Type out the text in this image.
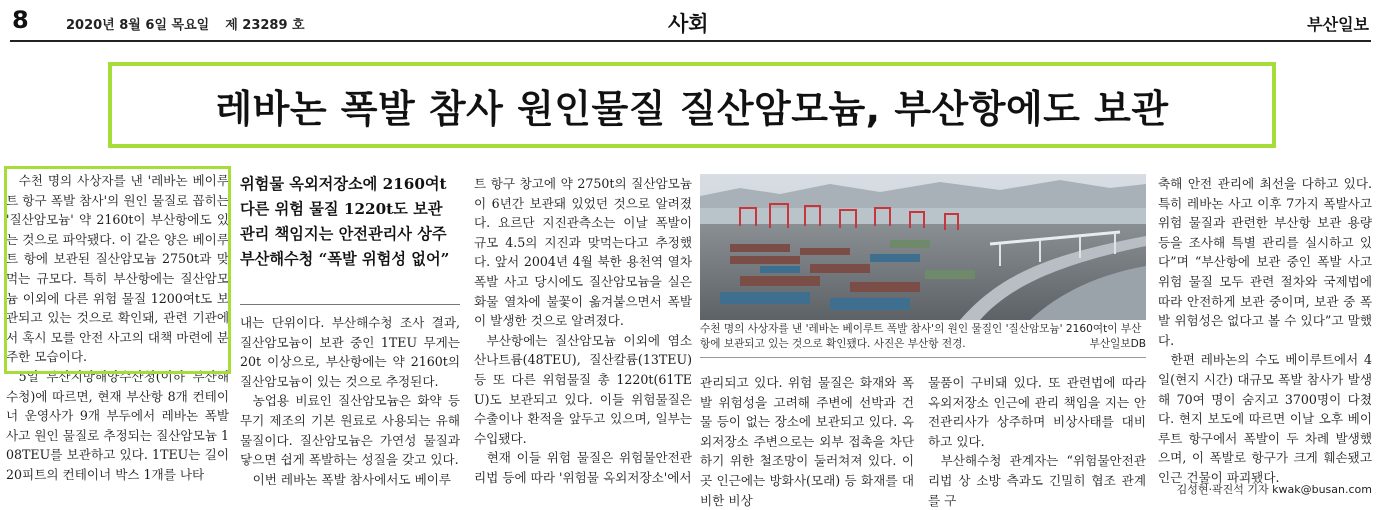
8	2020년 8월 6일 목요일 제 23289 호	사회	부산일보
레바논 폭발 참사 원인물질 질산암모늄, 부산항에도 보관

수천 명의 사상자를 낸 '레바논 베이루트 항구 폭발 참사'의 원인 물질로 꼽히는 '질산암모늄' 약 2160t이 부산항에도 있는 것으로 파악됐다. 이 같은 양은 베이루트 항에 보관된 질산암모늄 2750t과 맞먹는 규모다. 특히 부산항에는 질산암모늄 이외에 다른 위험 물질 1200여t도 보관되고 있는 것으로 확인돼, 관련 기관에서 혹시 모를 안전 사고의 대책 마련에 분주한 모습이다.

5일 부산지방해양수산청(이하 부산해수청)에 따르면, 현재 부산항 8개 컨테이너 운영사가 9개 부두에서 레바논 폭발 사고 원인 물질로 추정되는 질산암모늄 108TEU를 보관하고 있다. 1TEU는 길이 20피트의 컨테이너 박스 1개를 나타

위험물 옥외저장소에 2160여t
다른 위험 물질 1220t도 보관
관리 책임지는 안전관리사 상주
부산해수청 “폭발 위험성 없어”

내는 단위이다. 부산해수청 조사 결과, 질산암모늄이 보관 중인 1TEU 무게는 20t 이상으로, 부산항에는 약 2160t의 질산암모늄이 있는 것으로 추정된다.

농업용 비료인 질산암모늄은 화약 등 무기 제조의 기본 원료로 사용되는 유해물질이다. 질산암모늄은 가연성 물질과 닿으면 쉽게 폭발하는 성질을 갖고 있다.

이번 레바논 폭발 참사에서도 베이루

트 항구 창고에 약 2750t의 질산암모늄이 6년간 보관돼 있었던 것으로 알려졌다. 요르단 지진관측소는 이날 폭발이 규모 4.5의 지진과 맞먹는다고 추정했다. 앞서 2004년 4월 북한 용천역 열차 폭발 사고 당시에도 질산암모늄을 실은 화물 열차에 불꽃이 옮겨붙으면서 폭발이 발생한 것으로 알려졌다.

부산항에는 질산암모늄 이외에 염소산나트륨(48TEU), 질산칼륨(13TEU) 등 또 다른 위험물질 총 1220t(61TEU)도 보관되고 있다. 이들 위험물질은 수출이나 환적을 앞두고 있으며, 일부는 수입됐다.

현재 이들 위험 물질은 위험물안전관리법 등에 따라 '위험물 옥외저장소'에서

수천 명의 사상자를 낸 '레바논 베이루트 폭발 참사'의 원인 물질인 '질산암모늄' 2160여t이 부산항에 보관되고 있는 것으로 확인됐다. 사진은 부산항 전경.	부산일보DB

관리되고 있다. 위험 물질은 화재와 폭발 위험성을 고려해 주변에 선박과 건물 등이 없는 장소에 보관되고 있다. 옥외저장소 주변으로는 외부 접촉을 차단하기 위한 철조망이 둘러쳐져 있다. 이곳 인근에는 방화사(모래) 등 화재를 대비한 비상

물품이 구비돼 있다. 또 관련법에 따라 옥외저장소 인근에 관리 책임을 지는 안전관리사가 상주하며 비상사태를 대비하고 있다.

부산해수청 관계자는 “위험물안전관리법 상 소방 측과도 긴밀히 협조 관계를 구

축해 안전 관리에 최선을 다하고 있다. 특히 레바논 사고 이후 7가지 폭발사고 위험 물질과 관련한 부산항 보관 용량 등을 조사해 특별 관리를 실시하고 있다”며 “부산항에 보관 중인 폭발 사고 위험 물질 모두 관련 절차와 국제법에 따라 안전하게 보관 중이며, 보관 중 폭발 위험성은 없다고 볼 수 있다”고 말했다.

한편 레바논의 수도 베이루트에서 4일(현지 시간) 대규모 폭발 참사가 발생해 70여 명이 숨지고 3700명이 다쳤다. 현지 보도에 따르면 이날 오후 베이루트 항구에서 폭발이 두 차례 발생했으며, 이 폭발로 항구가 크게 훼손됐고 인근 건물이 파괴됐다.

김성현·곽진석 기자 kwak@busan.com
